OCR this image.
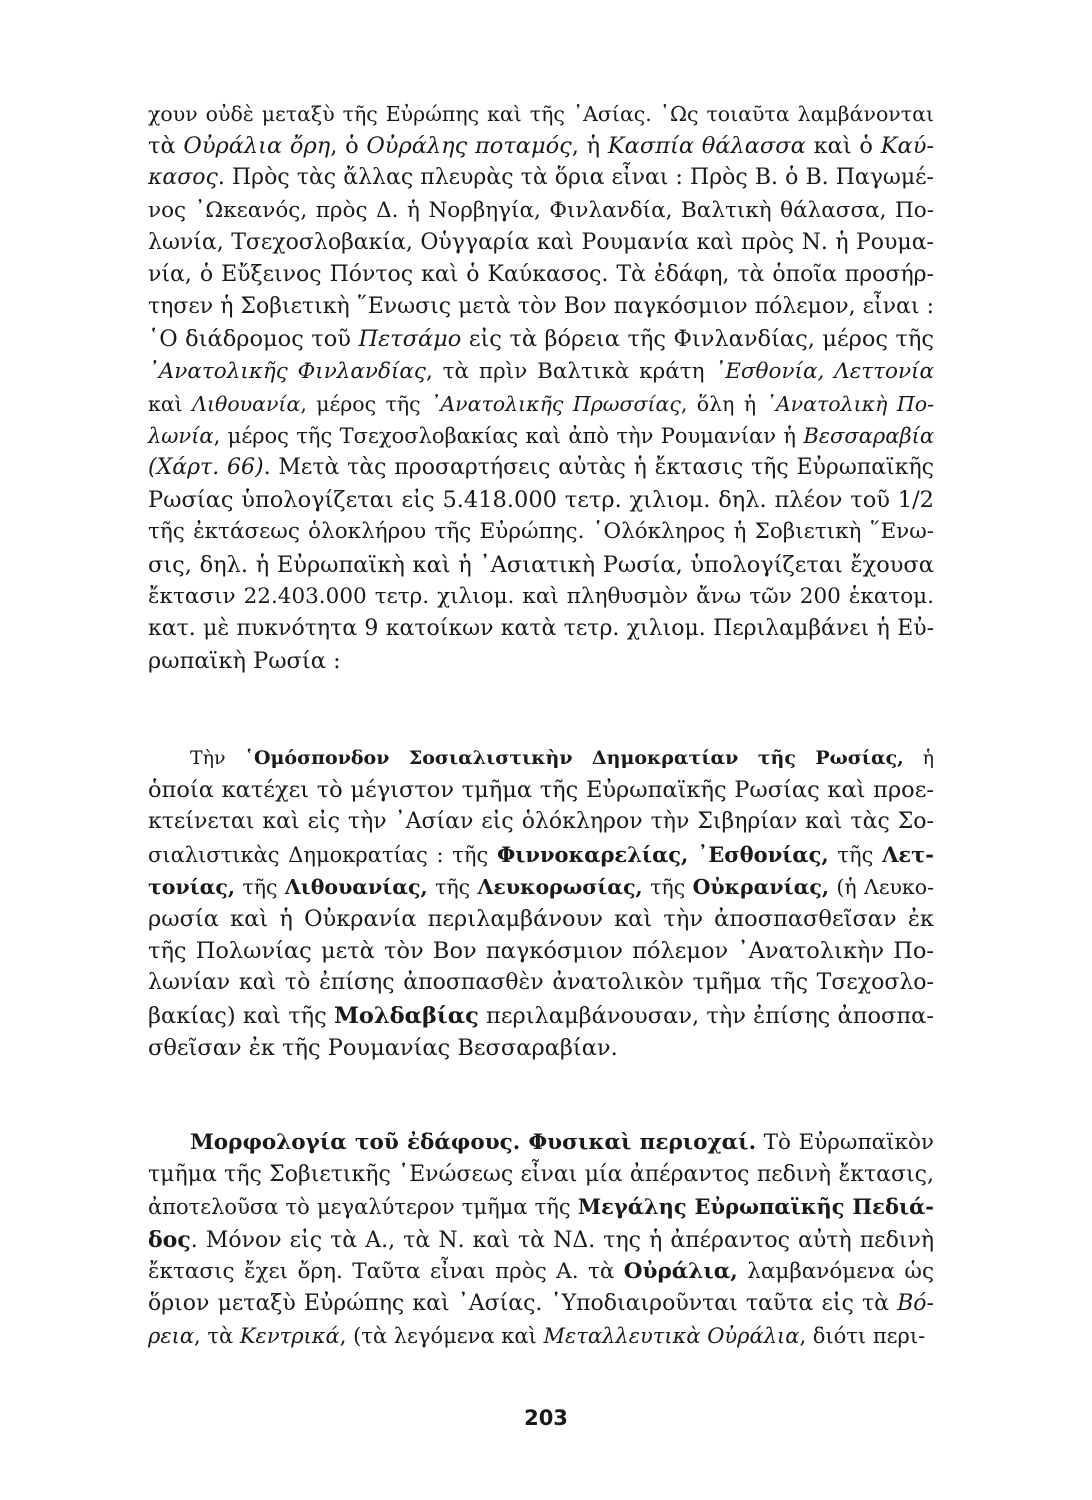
χουν οὐδὲ μεταξὺ τῆς Εὐρώπης καὶ τῆς ᾿Ασίας. ῾Ως τοιαῦτα λαμβάνονται
τὰ Οὐράλια ὄρη, ὁ Οὐράλης ποταμός, ἡ Κασπία θάλασσα καὶ ὁ Καύ-
κασος. Πρὸς τὰς ἄλλας πλευρὰς τὰ ὅρια εἶναι : Πρὸς Β. ὁ Β. Παγωμέ-
νος ᾿Ωκεανός, πρὸς Δ. ἡ Νορβηγία, Φινλανδία, Βαλτικὴ θάλασσα, Πο-
λωνία, Τσεχοσλοβακία, Οὑγγαρία καὶ Ρουμανία καὶ πρὸς Ν. ἡ Ρουμα-
νία, ὁ Εὔξεινος Πόντος καὶ ὁ Καύκασος. Τὰ ἐδάφη, τὰ ὁποῖα προσήρ-
τησεν ἡ Σοβιετικὴ ῞Ενωσις μετὰ τὸν Βον παγκόσμιον πόλεμον, εἶναι :
῾Ο διάδρομος τοῦ Πετσάμο εἰς τὰ βόρεια τῆς Φινλανδίας, μέρος τῆς
᾿Ανατολικῆς Φινλανδίας, τὰ πρὶν Βαλτικὰ κράτη ᾿Εσθονία, Λεττονία
καὶ Λιθουανία, μέρος τῆς ᾿Ανατολικῆς Πρωσσίας, ὅλη ἡ ᾿Ανατολικὴ Πο-
λωνία, μέρος τῆς Τσεχοσλοβακίας καὶ ἀπὸ τὴν Ρουμανίαν ἡ Βεσσαραβία
(Χάρτ. 66). Μετὰ τὰς προσαρτήσεις αὐτὰς ἡ ἔκτασις τῆς Εὐρωπαϊκῆς
Ρωσίας ὑπολογίζεται εἰς 5.418.000 τετρ. χιλιομ. δηλ. πλέον τοῦ 1/2
τῆς ἐκτάσεως ὁλοκλήρου τῆς Εὐρώπης. ῾Ολόκληρος ἡ Σοβιετικὴ ῞Ενω-
σις, δηλ. ἡ Εὐρωπαϊκὴ καὶ ἡ ᾿Ασιατικὴ Ρωσία, ὑπολογίζεται ἔχουσα
ἔκτασιν 22.403.000 τετρ. χιλιομ. καὶ πληθυσμὸν ἄνω τῶν 200 ἑκατομ.
κατ. μὲ πυκνότητα 9 κατοίκων κατὰ τετρ. χιλιομ. Περιλαμβάνει ἡ Εὐ-
ρωπαϊκὴ Ρωσία :
Τὴν ῾Ομόσπονδον Σοσιαλιστικὴν Δημοκρατίαν τῆς Ρωσίας, ἡ
ὁποία κατέχει τὸ μέγιστον τμῆμα τῆς Εὐρωπαϊκῆς Ρωσίας καὶ προε-
κτείνεται καὶ εἰς τὴν ᾿Ασίαν εἰς ὁλόκληρον τὴν Σιβηρίαν καὶ τὰς Σο-
σιαλιστικὰς Δημοκρατίας : τῆς Φιννοκαρελίας, ᾿Εσθονίας, τῆς Λετ-
τονίας, τῆς Λιθουανίας, τῆς Λευκορωσίας, τῆς Οὐκρανίας, (ἡ Λευκο-
ρωσία καὶ ἡ Οὐκρανία περιλαμβάνουν καὶ τὴν ἀποσπασθεῖσαν ἐκ
τῆς Πολωνίας μετὰ τὸν Βον παγκόσμιον πόλεμον ᾿Ανατολικὴν Πο-
λωνίαν καὶ τὸ ἐπίσης ἀποσπασθὲν ἀνατολικὸν τμῆμα τῆς Τσεχοσλο-
βακίας) καὶ τῆς Μολδαβίας περιλαμβάνουσαν, τὴν ἐπίσης ἀποσπα-
σθεῖσαν ἐκ τῆς Ρουμανίας Βεσσαραβίαν.
Μορφολογία τοῦ ἐδάφους. Φυσικαὶ περιοχαί. Τὸ Εὐρωπαϊκὸν
τμῆμα τῆς Σοβιετικῆς ῾Ενώσεως εἶναι μία ἀπέραντος πεδινὴ ἔκτασις,
ἀποτελοῦσα τὸ μεγαλύτερον τμῆμα τῆς Μεγάλης Εὐρωπαϊκῆς Πεδιά-
δος. Μόνον εἰς τὰ Α., τὰ Ν. καὶ τὰ ΝΔ. της ἡ ἀπέραντος αὐτὴ πεδινὴ
ἔκτασις ἔχει ὄρη. Ταῦτα εἶναι πρὸς Α. τὰ Οὐράλια, λαμβανόμενα ὡς
ὅριον μεταξὺ Εὐρώπης καὶ ᾿Ασίας. ῾Υποδιαιροῦνται ταῦτα εἰς τὰ Βό-
ρεια, τὰ Κεντρικά, (τὰ λεγόμενα καὶ Μεταλλευτικὰ Οὐράλια, διότι περι-
203
